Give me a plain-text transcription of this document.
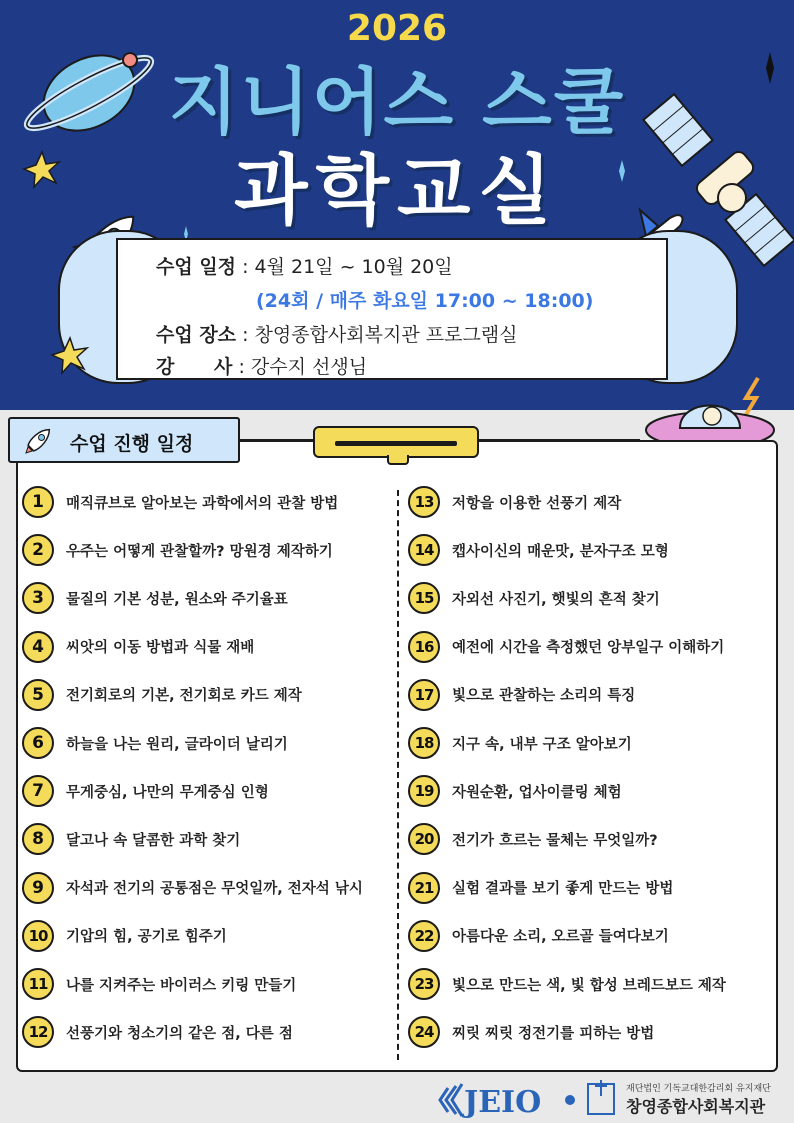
수업 일정 : 4월 21일 ~ 10월 20일
(24회 / 매주 화요일 17:00 ~ 18:00)
수업 장소 : 창영종합사회복지관 프로그램실
강      사 : 강수지 선생님
2026
지니어스 스쿨
과학교실
수업 진행 일정
1	매직큐브로 알아보는 과학에서의 관찰 방법
2	우주는 어떻게 관찰할까? 망원경 제작하기
3	물질의 기본 성분, 원소와 주기율표
4	씨앗의 이동 방법과 식물 재배
5	전기회로의 기본, 전기회로 카드 제작
6	하늘을 나는 원리, 글라이더 날리기
7	무게중심, 나만의 무게중심 인형
8	달고나 속 달콤한 과학 찾기
9	자석과 전기의 공통점은 무엇일까, 전자석 낚시
10	기압의 힘, 공기로 힘주기
11	나를 지켜주는 바이러스 키링 만들기
12	선풍기와 청소기의 같은 점, 다른 점
13	저항을 이용한 선풍기 제작
14	캡사이신의 매운맛, 분자구조 모형
15	자외선 사진기, 햇빛의 흔적 찾기
16	예전에 시간을 측정했던 앙부일구 이해하기
17	빛으로 관찰하는 소리의 특징
18	지구 속, 내부 구조 알아보기
19	자원순환, 업사이클링 체험
20	전기가 흐르는 물체는 무엇일까?
21	실험 결과를 보기 좋게 만드는 방법
22	아름다운 소리, 오르골 들여다보기
23	빛으로 만드는 색, 빛 합성 브레드보드 제작
24	찌릿 찌릿 정전기를 피하는 방법
JEIO	재단법인 기독교대한감리회 유지재단
창영종합사회복지관
